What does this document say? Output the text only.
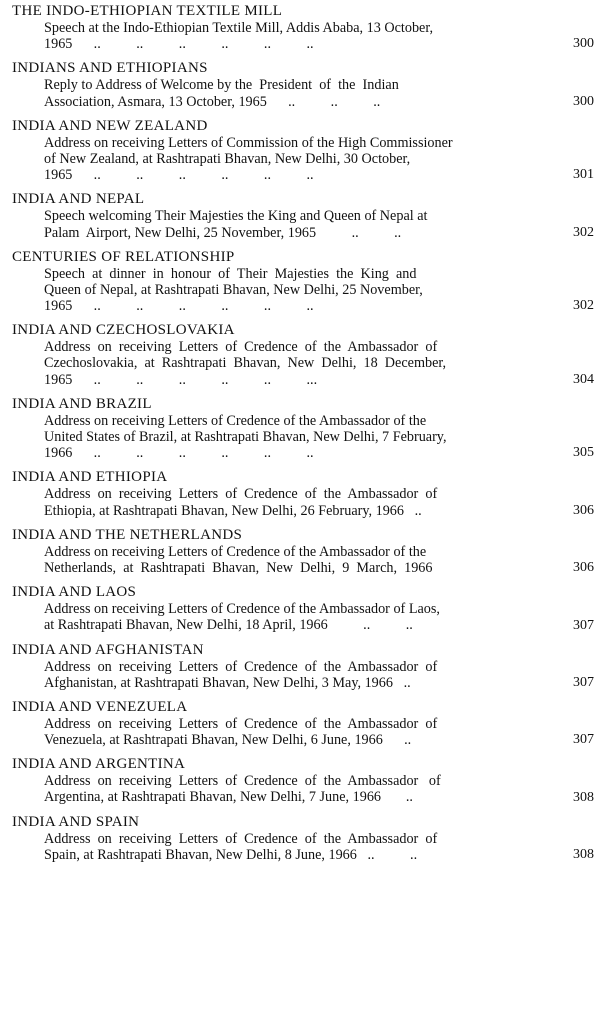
THE INDO-ETHIOPIAN TEXTILE MILL
Speech at the Indo-Ethiopian Textile Mill, Addis Ababa, 13 October,
1965      ..          ..          ..          ..          ..          ..	300
INDIANS AND ETHIOPIANS
Reply to Address of Welcome by the  President  of  the  Indian
Association, Asmara, 13 October, 1965      ..          ..          ..	300
INDIA AND NEW ZEALAND
Address on receiving Letters of Commission of the High Commissioner
of New Zealand, at Rashtrapati Bhavan, New Delhi, 30 October,
1965      ..          ..          ..          ..          ..          ..	301
INDIA AND NEPAL
Speech welcoming Their Majesties the King and Queen of Nepal at
Palam  Airport, New Delhi, 25 November, 1965          ..          ..	302
CENTURIES OF RELATIONSHIP
Speech  at  dinner  in  honour  of  Their  Majesties  the  King  and
Queen of Nepal, at Rashtrapati Bhavan, New Delhi, 25 November,
1965      ..          ..          ..          ..          ..          ..	302
INDIA AND CZECHOSLOVAKIA
Address  on  receiving  Letters  of  Credence  of  the  Ambassador  of
Czechoslovakia,  at  Rashtrapati  Bhavan,  New  Delhi,  18  December,
1965      ..          ..          ..          ..          ..          ...	304
INDIA AND BRAZIL
Address on receiving Letters of Credence of the Ambassador of the
United States of Brazil, at Rashtrapati Bhavan, New Delhi, 7 February,
1966      ..          ..          ..          ..          ..          ..	305
INDIA AND ETHIOPIA
Address  on  receiving  Letters  of  Credence  of  the  Ambassador  of
Ethiopia, at Rashtrapati Bhavan, New Delhi, 26 February, 1966   ..	306
INDIA AND THE NETHERLANDS
Address on receiving Letters of Credence of the Ambassador of the
Netherlands,  at  Rashtrapati  Bhavan,  New  Delhi,  9  March,  1966	306
INDIA AND LAOS
Address on receiving Letters of Credence of the Ambassador of Laos,
at Rashtrapati Bhavan, New Delhi, 18 April, 1966          ..          ..	307
INDIA AND AFGHANISTAN
Address  on  receiving  Letters  of  Credence  of  the  Ambassador  of
Afghanistan, at Rashtrapati Bhavan, New Delhi, 3 May, 1966   ..	307
INDIA AND VENEZUELA
Address  on  receiving  Letters  of  Credence  of  the  Ambassador  of
Venezuela, at Rashtrapati Bhavan, New Delhi, 6 June, 1966      ..	307
INDIA AND ARGENTINA
Address  on  receiving  Letters  of  Credence  of  the  Ambassador   of
Argentina, at Rashtrapati Bhavan, New Delhi, 7 June, 1966       ..	308
INDIA AND SPAIN
Address  on  receiving  Letters  of  Credence  of  the  Ambassador  of
Spain, at Rashtrapati Bhavan, New Delhi, 8 June, 1966   ..          ..	308
